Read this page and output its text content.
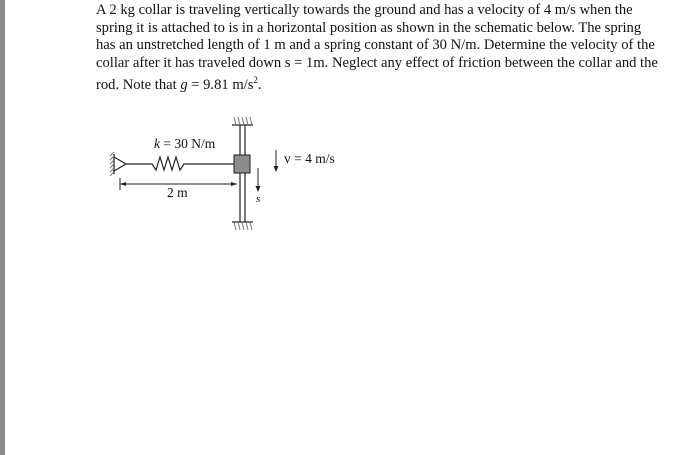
A 2 kg collar is traveling vertically towards the ground and has a velocity of 4 m/s when the

spring it is attached to is in a horizontal position as shown in the schematic below. The spring

has an unstretched length of 1 m and a spring constant of 30 N/m. Determine the velocity of the

collar after it has traveled down s = 1m. Neglect any effect of friction between the collar and the

rod. Note that g = 9.81 $m/s^2$.

k = 30 N/m
v = 4 m/s
2 m	s
